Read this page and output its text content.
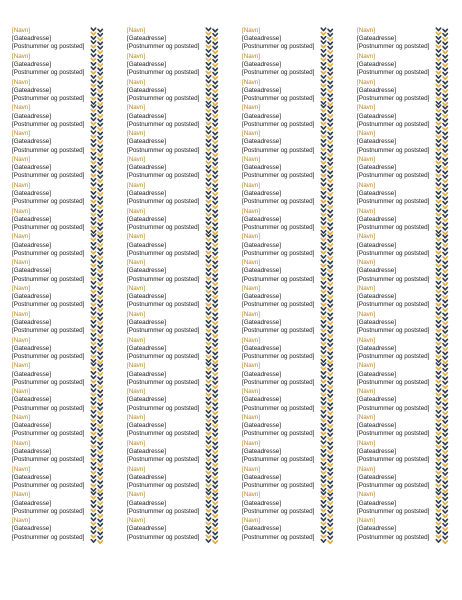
[Navn]
[Gateadresse]
[Postnummer og poststed]
[Navn]
[Gateadresse]
[Postnummer og poststed]
[Navn]
[Gateadresse]
[Postnummer og poststed]
[Navn]
[Gateadresse]
[Postnummer og poststed]
[Navn]
[Gateadresse]
[Postnummer og poststed]
[Navn]
[Gateadresse]
[Postnummer og poststed]
[Navn]
[Gateadresse]
[Postnummer og poststed]
[Navn]
[Gateadresse]
[Postnummer og poststed]
[Navn]
[Gateadresse]
[Postnummer og poststed]
[Navn]
[Gateadresse]
[Postnummer og poststed]
[Navn]
[Gateadresse]
[Postnummer og poststed]
[Navn]
[Gateadresse]
[Postnummer og poststed]
[Navn]
[Gateadresse]
[Postnummer og poststed]
[Navn]
[Gateadresse]
[Postnummer og poststed]
[Navn]
[Gateadresse]
[Postnummer og poststed]
[Navn]
[Gateadresse]
[Postnummer og poststed]
[Navn]
[Gateadresse]
[Postnummer og poststed]
[Navn]
[Gateadresse]
[Postnummer og poststed]
[Navn]
[Gateadresse]
[Postnummer og poststed]
[Navn]
[Gateadresse]
[Postnummer og poststed]
[Navn]
[Gateadresse]
[Postnummer og poststed]
[Navn]
[Gateadresse]
[Postnummer og poststed]
[Navn]
[Gateadresse]
[Postnummer og poststed]
[Navn]
[Gateadresse]
[Postnummer og poststed]
[Navn]
[Gateadresse]
[Postnummer og poststed]
[Navn]
[Gateadresse]
[Postnummer og poststed]
[Navn]
[Gateadresse]
[Postnummer og poststed]
[Navn]
[Gateadresse]
[Postnummer og poststed]
[Navn]
[Gateadresse]
[Postnummer og poststed]
[Navn]
[Gateadresse]
[Postnummer og poststed]
[Navn]
[Gateadresse]
[Postnummer og poststed]
[Navn]
[Gateadresse]
[Postnummer og poststed]
[Navn]
[Gateadresse]
[Postnummer og poststed]
[Navn]
[Gateadresse]
[Postnummer og poststed]
[Navn]
[Gateadresse]
[Postnummer og poststed]
[Navn]
[Gateadresse]
[Postnummer og poststed]
[Navn]
[Gateadresse]
[Postnummer og poststed]
[Navn]
[Gateadresse]
[Postnummer og poststed]
[Navn]
[Gateadresse]
[Postnummer og poststed]
[Navn]
[Gateadresse]
[Postnummer og poststed]
[Navn]
[Gateadresse]
[Postnummer og poststed]
[Navn]
[Gateadresse]
[Postnummer og poststed]
[Navn]
[Gateadresse]
[Postnummer og poststed]
[Navn]
[Gateadresse]
[Postnummer og poststed]
[Navn]
[Gateadresse]
[Postnummer og poststed]
[Navn]
[Gateadresse]
[Postnummer og poststed]
[Navn]
[Gateadresse]
[Postnummer og poststed]
[Navn]
[Gateadresse]
[Postnummer og poststed]
[Navn]
[Gateadresse]
[Postnummer og poststed]
[Navn]
[Gateadresse]
[Postnummer og poststed]
[Navn]
[Gateadresse]
[Postnummer og poststed]
[Navn]
[Gateadresse]
[Postnummer og poststed]
[Navn]
[Gateadresse]
[Postnummer og poststed]
[Navn]
[Gateadresse]
[Postnummer og poststed]
[Navn]
[Gateadresse]
[Postnummer og poststed]
[Navn]
[Gateadresse]
[Postnummer og poststed]
[Navn]
[Gateadresse]
[Postnummer og poststed]
[Navn]
[Gateadresse]
[Postnummer og poststed]
[Navn]
[Gateadresse]
[Postnummer og poststed]
[Navn]
[Gateadresse]
[Postnummer og poststed]
[Navn]
[Gateadresse]
[Postnummer og poststed]
[Navn]
[Gateadresse]
[Postnummer og poststed]
[Navn]
[Gateadresse]
[Postnummer og poststed]
[Navn]
[Gateadresse]
[Postnummer og poststed]
[Navn]
[Gateadresse]
[Postnummer og poststed]
[Navn]
[Gateadresse]
[Postnummer og poststed]
[Navn]
[Gateadresse]
[Postnummer og poststed]
[Navn]
[Gateadresse]
[Postnummer og poststed]
[Navn]
[Gateadresse]
[Postnummer og poststed]
[Navn]
[Gateadresse]
[Postnummer og poststed]
[Navn]
[Gateadresse]
[Postnummer og poststed]
[Navn]
[Gateadresse]
[Postnummer og poststed]
[Navn]
[Gateadresse]
[Postnummer og poststed]
[Navn]
[Gateadresse]
[Postnummer og poststed]
[Navn]
[Gateadresse]
[Postnummer og poststed]
[Navn]
[Gateadresse]
[Postnummer og poststed]
[Navn]
[Gateadresse]
[Postnummer og poststed]
[Navn]
[Gateadresse]
[Postnummer og poststed]
[Navn]
[Gateadresse]
[Postnummer og poststed]
[Navn]
[Gateadresse]
[Postnummer og poststed]
